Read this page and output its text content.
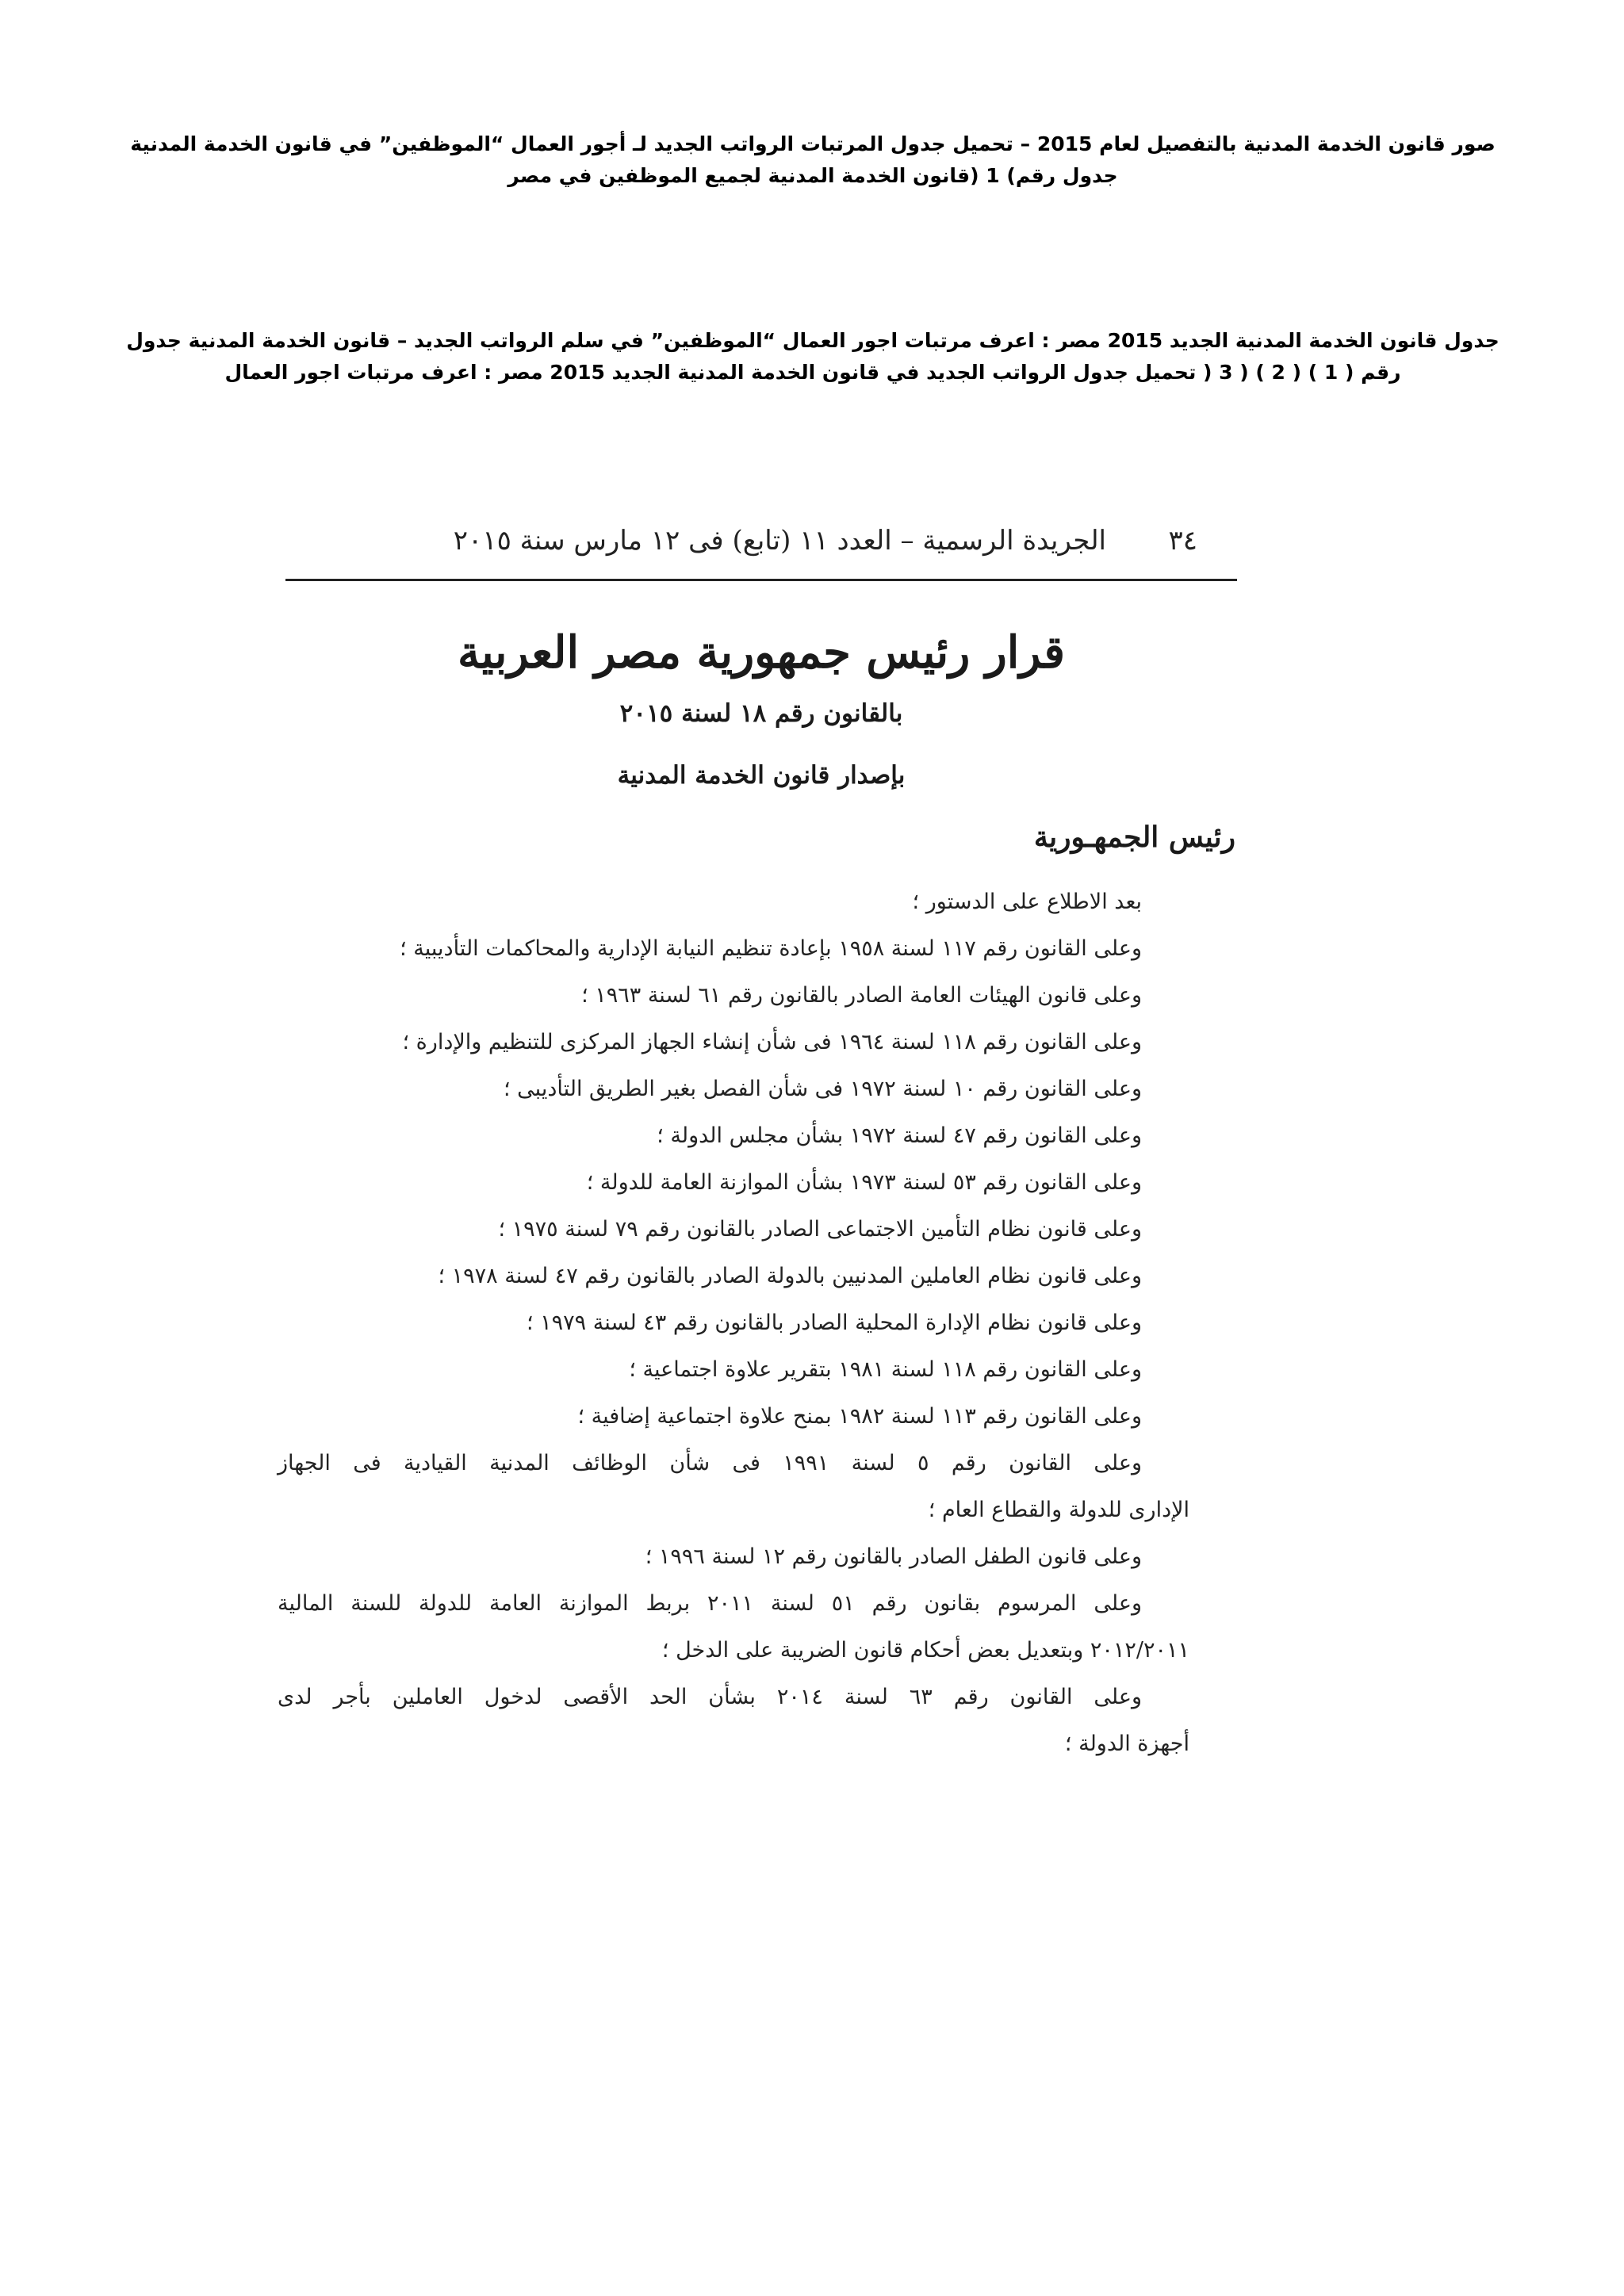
صور قانون الخدمة المدنية بالتفصيل لعام 2015 – تحميل جدول المرتبات الرواتب الجديد لـ أجور العمال “الموظفين” في قانون الخدمة المدنية
جدول رقم) 1 (قانون الخدمة المدنية لجميع الموظفين في مصر
جدول قانون الخدمة المدنية الجديد 2015 مصر : اعرف مرتبات اجور العمال “الموظفين” في سلم الرواتب الجديد – قانون الخدمة المدنية جدول
رقم ( 1 ) ( 2 ) ( 3 ( تحميل جدول الرواتب الجديد في قانون الخدمة المدنية الجديد 2015 مصر : اعرف مرتبات اجور العمال
٣٤
الجريدة الرسمية – العدد ١١ (تابع) فى ١٢ مارس سنة ٢٠١٥
قرار رئيس جمهورية مصر العربية
بالقانون رقم ١٨ لسنة ٢٠١٥
بإصدار قانون الخدمة المدنية
رئيس الجمهـورية
بعد الاطلاع على الدستور ؛
وعلى القانون رقم ١١٧ لسنة ١٩٥٨ بإعادة تنظيم النيابة الإدارية والمحاكمات التأديبية ؛
وعلى قانون الهيئات العامة الصادر بالقانون رقم ٦١ لسنة ١٩٦٣ ؛
وعلى القانون رقم ١١٨ لسنة ١٩٦٤ فى شأن إنشاء الجهاز المركزى للتنظيم والإدارة ؛
وعلى القانون رقم ١٠ لسنة ١٩٧٢ فى شأن الفصل بغير الطريق التأديبى ؛
وعلى القانون رقم ٤٧ لسنة ١٩٧٢ بشأن مجلس الدولة ؛
وعلى القانون رقم ٥٣ لسنة ١٩٧٣ بشأن الموازنة العامة للدولة ؛
وعلى قانون نظام التأمين الاجتماعى الصادر بالقانون رقم ٧٩ لسنة ١٩٧٥ ؛
وعلى قانون نظام العاملين المدنيين بالدولة الصادر بالقانون رقم ٤٧ لسنة ١٩٧٨ ؛
وعلى قانون نظام الإدارة المحلية الصادر بالقانون رقم ٤٣ لسنة ١٩٧٩ ؛
وعلى القانون رقم ١١٨ لسنة ١٩٨١ بتقرير علاوة اجتماعية ؛
وعلى القانون رقم ١١٣ لسنة ١٩٨٢ بمنح علاوة اجتماعية إضافية ؛
وعلى القانون رقم ٥ لسنة ١٩٩١ فى شأن الوظائف المدنية القيادية فى الجهاز
الإدارى للدولة والقطاع العام ؛
وعلى قانون الطفل الصادر بالقانون رقم ١٢ لسنة ١٩٩٦ ؛
وعلى المرسوم بقانون رقم ٥١ لسنة ٢٠١١ بربط الموازنة العامة للدولة للسنة المالية
٢٠١٢/٢٠١١ وبتعديل بعض أحكام قانون الضريبة على الدخل ؛
وعلى القانون رقم ٦٣ لسنة ٢٠١٤ بشأن الحد الأقصى لدخول العاملين بأجر لدى
أجهزة الدولة ؛
